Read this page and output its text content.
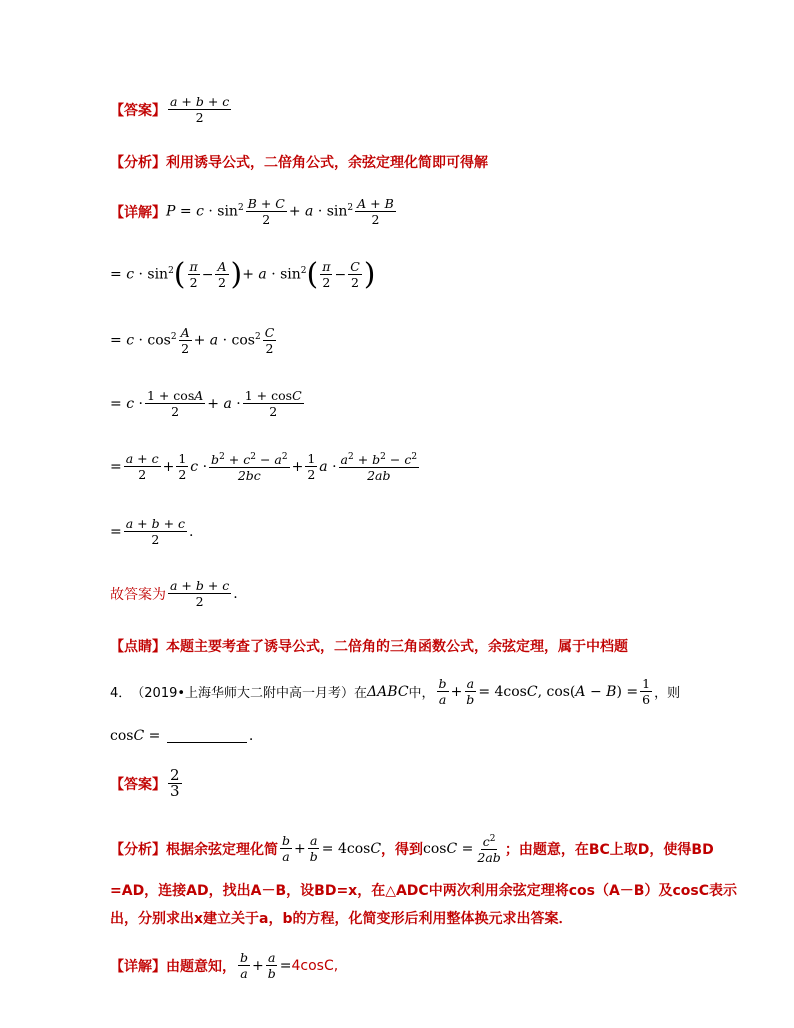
【答案】 $\frac{a + b + c}{2}$
【分析】 利用诱导公式，二倍角公式，余弦定理化简即可得解
【详解】 $P = c \cdot \sin^2 \frac{B + C}{2} + a \cdot \sin^2 \frac{A + B}{2}$
= $c \cdot \sin^2$ ( $\frac{\pi}{2} - \frac{A}{2}$ ) + $a \cdot \sin^2$ ( $\frac{\pi}{2} - \frac{C}{2}$ )
= $c \cdot \cos^2 \frac{A}{2} + a \cdot \cos^2 \frac{C}{2}$
= $c \cdot \frac{1 + \cos A}{2} + a \cdot \frac{1 + \cos C}{2}$
= $\frac{a + c}{2} + \frac{1}{2}$ $c \cdot \frac{b^2 + c^2 - a^2}{2bc} + \frac{1}{2}$ $a \cdot \frac{a^2 + b^2 - c^2}{2ab}$
= $\frac{a + b + c}{2}$ .
故答案为 $\frac{a + b + c}{2}$ .
【点睛】 本题主要考查了诱导公式，二倍角的三角函数公式，余弦定理，属于中档题
4． （2019•上海华师大二附中高一月考）在 ΔABC 中， $\frac{b}{a} + \frac{a}{b} = 4\cos C$, $\cos(A - B) = \frac{1}{6}$ ，则
cos C =	.
【答案】 $\frac{2}{3}$
【分析】 根据余弦定理化简 $\frac{b}{a} + \frac{a}{b} = 4\cos C$ ，得到 $\cos C = \frac{c^2}{2ab}$ ；由题意，在BC上取D，使得BD
=AD，连接AD，找出A－B，设BD=x，在△ADC中两次利用余弦定理将cos（A－B）及cosC表示
出，分别求出x建立关于a，b的方程，化简变形后利用整体换元求出答案．
【详解】 由题意知， $\frac{b}{a} + \frac{a}{b} = 4\cos C$,
